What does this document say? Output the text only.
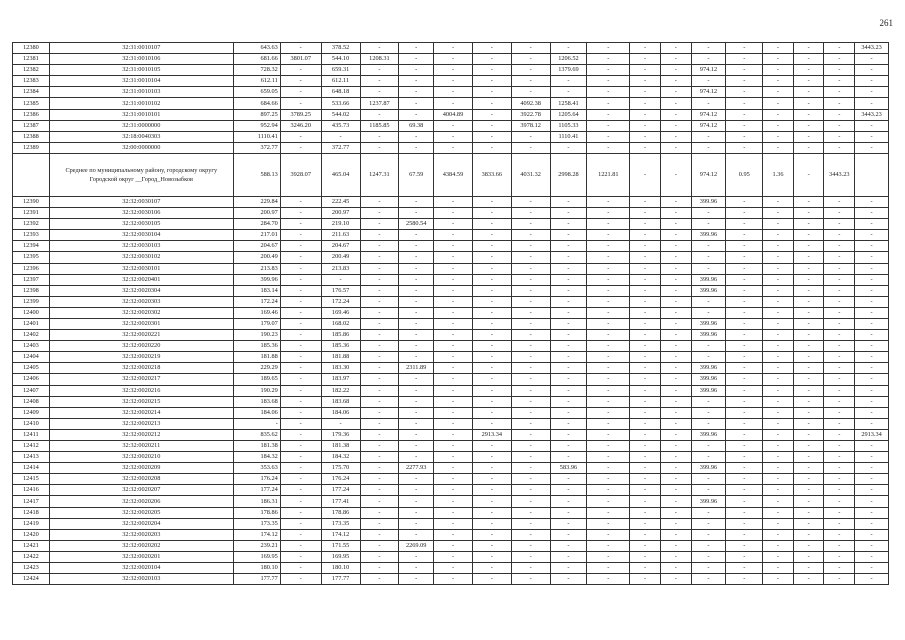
261
12380	32:31:0010107	643.63	-	378.52	-	-	-	-	-	-	-	-	-	-	-	-	-	-	3443.23
12381	32:31:0010106	681.66	3801.07	544.10	1208.31	-	-	-	-	1206.52	-	-	-	-	-	-	-	-	-
12382	32:31:0010105	728.32	-	659.31	-	-	-	-	-	1379.69	-	-	-	974.12	-	-	-	-	-
12383	32:31:0010104	612.11	-	612.11	-	-	-	-	-	-	-	-	-	-	-	-	-	-	-
12384	32:31:0010103	659.05	-	648.18	-	-	-	-	-	-	-	-	-	974.12	-	-	-	-	-
12385	32:31:0010102	684.66	-	533.66	1237.87	-	-	-	4092.38	1258.41	-	-	-	-	-	-	-	-	-
12386	32:31:0010101	897.25	3789.25	544.02	-	-	4004.89	-	3922.78	1205.64	-	-	-	974.12	-	-	-	-	3443.23
12387	32:31:0000000	952.94	3246.20	435.73	1185.85	69.38	-	-	3978.12	1105.33	-	-	-	974.12	-	-	-	-	-
12388	32:18:0040303	1110.41	-	-	-	-	-	-	-	1110.41	-	-	-	-	-	-	-	-	-
12389	32:00:0000000	372.77	-	372.77	-	-	-	-	-	-	-	-	-	-	-	-	-	-	-
	Среднее по муниципальному району, городскому округу Городской округ __Город_Новозыбков	588.13	3928.07	465.04	1247.31	67.59	4384.59	3833.66	4031.32	2998.28	1221.81	-	-	974.12	0.95	1.36	-	3443.23	
12390	32:32:0030107	229.84	-	222.45	-	-	-	-	-	-	-	-	-	399.96	-	-	-	-	-
12391	32:32:0030106	200.97	-	200.97	-	-	-	-	-	-	-	-	-	-	-	-	-	-	-
12392	32:32:0030105	284.70	-	219.10	-	2580.54	-	-	-	-	-	-	-	-	-	-	-	-	-
12393	32:32:0030104	217.01	-	211.63	-	-	-	-	-	-	-	-	-	399.96	-	-	-	-	-
12394	32:32:0030103	204.67	-	204.67	-	-	-	-	-	-	-	-	-	-	-	-	-	-	-
12395	32:32:0030102	200.49	-	200.49	-	-	-	-	-	-	-	-	-	-	-	-	-	-	-
12396	32:32:0030101	213.83	-	213.83	-	-	-	-	-	-	-	-	-	-	-	-	-	-	-
12397	32:32:0020401	399.96	-	-	-	-	-	-	-	-	-	-	-	399.96	-	-	-	-	-
12398	32:32:0020304	183.14	-	176.57	-	-	-	-	-	-	-	-	-	399.96	-	-	-	-	-
12399	32:32:0020303	172.24	-	172.24	-	-	-	-	-	-	-	-	-	-	-	-	-	-	-
12400	32:32:0020302	169.46	-	169.46	-	-	-	-	-	-	-	-	-	-	-	-	-	-	-
12401	32:32:0020301	179.07	-	168.02	-	-	-	-	-	-	-	-	-	399.96	-	-	-	-	-
12402	32:32:0020221	190.23	-	185.86	-	-	-	-	-	-	-	-	-	399.96	-	-	-	-	-
12403	32:32:0020220	185.36	-	185.36	-	-	-	-	-	-	-	-	-	-	-	-	-	-	-
12404	32:32:0020219	181.88	-	181.88	-	-	-	-	-	-	-	-	-	-	-	-	-	-	-
12405	32:32:0020218	229.29	-	183.30	-	2311.89	-	-	-	-	-	-	-	399.96	-	-	-	-	-
12406	32:32:0020217	189.65	-	183.97	-	-	-	-	-	-	-	-	-	399.96	-	-	-	-	-
12407	32:32:0020216	190.29	-	182.22	-	-	-	-	-	-	-	-	-	399.96	-	-	-	-	-
12408	32:32:0020215	183.68	-	183.68	-	-	-	-	-	-	-	-	-	-	-	-	-	-	-
12409	32:32:0020214	184.06	-	184.06	-	-	-	-	-	-	-	-	-	-	-	-	-	-	-
12410	32:32:0020213	-	-	-	-	-	-	-	-	-	-	-	-	-	-	-	-	-	-
12411	32:32:0020212	835.62	-	179.36	-	-	-	2913.34	-	-	-	-	-	399.96	-	-	-	-	2913.34
12412	32:32:0020211	181.38	-	181.38	-	-	-	-	-	-	-	-	-	-	-	-	-	-	-
12413	32:32:0020210	184.32	-	184.32	-	-	-	-	-	-	-	-	-	-	-	-	-	-	-
12414	32:32:0020209	353.63	-	175.70	-	2277.93	-	-	-	583.96	-	-	-	399.96	-	-	-	-	-
12415	32:32:0020208	176.24	-	176.24	-	-	-	-	-	-	-	-	-	-	-	-	-	-	-
12416	32:32:0020207	177.24	-	177.24	-	-	-	-	-	-	-	-	-	-	-	-	-	-	-
12417	32:32:0020206	186.31	-	177.41	-	-	-	-	-	-	-	-	-	399.96	-	-	-	-	-
12418	32:32:0020205	178.86	-	178.86	-	-	-	-	-	-	-	-	-	-	-	-	-	-	-
12419	32:32:0020204	173.35	-	173.35	-	-	-	-	-	-	-	-	-	-	-	-	-	-	-
12420	32:32:0020203	174.12	-	174.12	-	-	-	-	-	-	-	-	-	-	-	-	-	-	-
12421	32:32:0020202	239.21	-	171.55	-	2269.09	-	-	-	-	-	-	-	-	-	-	-	-	-
12422	32:32:0020201	169.95	-	169.95	-	-	-	-	-	-	-	-	-	-	-	-	-	-	-
12423	32:32:0020104	180.10	-	180.10	-	-	-	-	-	-	-	-	-	-	-	-	-	-	-
12424	32:32:0020103	177.77	-	177.77	-	-	-	-	-	-	-	-	-	-	-	-	-	-	-
